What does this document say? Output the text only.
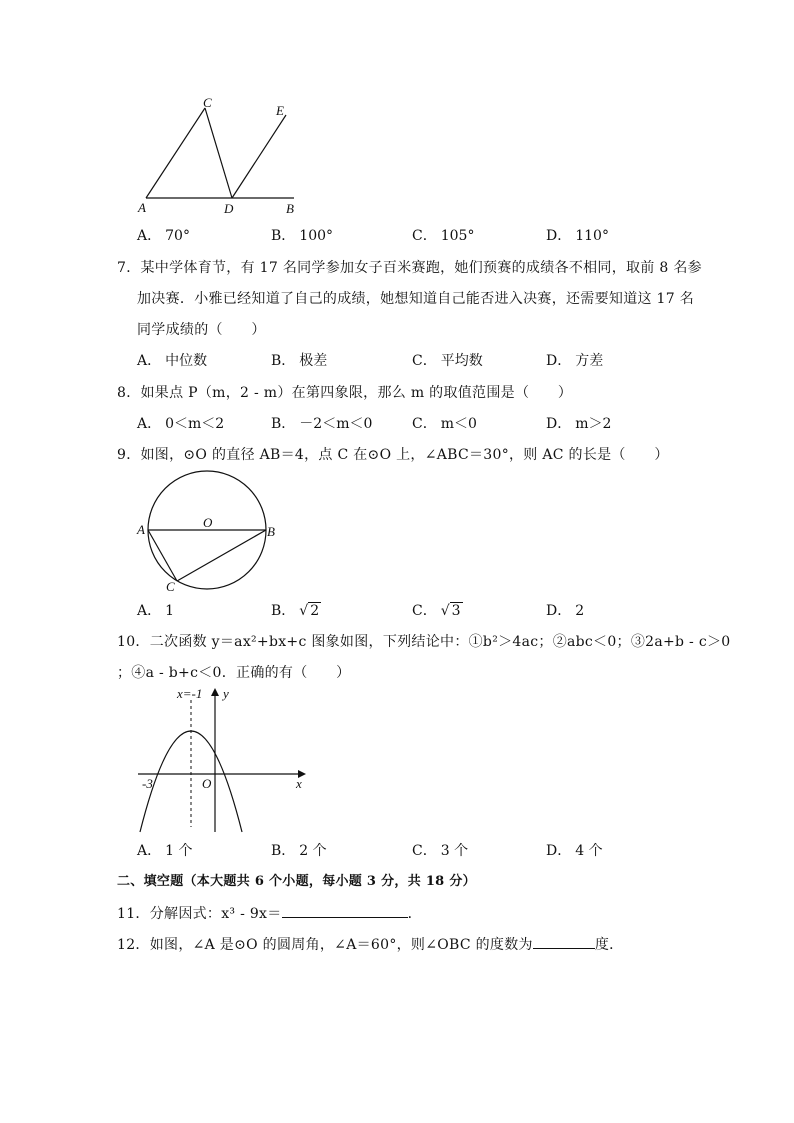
A	D	B
C
E
A． 70°	B． 100°	C． 105°	D． 110°
7．某中学体育节，有 17 名同学参加女子百米赛跑，她们预赛的成绩各不相同，取前 8 名参
加决赛．小雅已经知道了自己的成绩，她想知道自己能否进入决赛，还需要知道这 17 名
同学成绩的（　　）
A． 中位数	B． 极差	C． 平均数	D． 方差
8．如果点 P（m，2 - m）在第四象限，那么 m 的取值范围是（　　）
A． 0＜m＜2	B． －2＜m＜0	C． m＜0	D． m＞2
9．如图，⊙O 的直径 AB＝4，点 C 在⊙O 上，∠ABC＝30°，则 AC 的长是（　　）
A	B
O
C
A． 1	B． √ 2	C． √ 3	D． 2
10．二次函数 y＝ax²+bx+c 图象如图，下列结论中：①b²＞4ac；②abc＜0；③2a+b - c＞0
；④a - b+c＜0．正确的有（　　）
x=-1 y
x
O
-3
A． 1 个	B． 2 个	C． 3 个	D． 4 个
二、填空题（本大题共 6 个小题，每小题 3 分，共 18 分）
11．分解因式：x³ - 9x＝	．
12．如图，∠A 是⊙O 的圆周角，∠A＝60°，则∠OBC 的度数为	度．
